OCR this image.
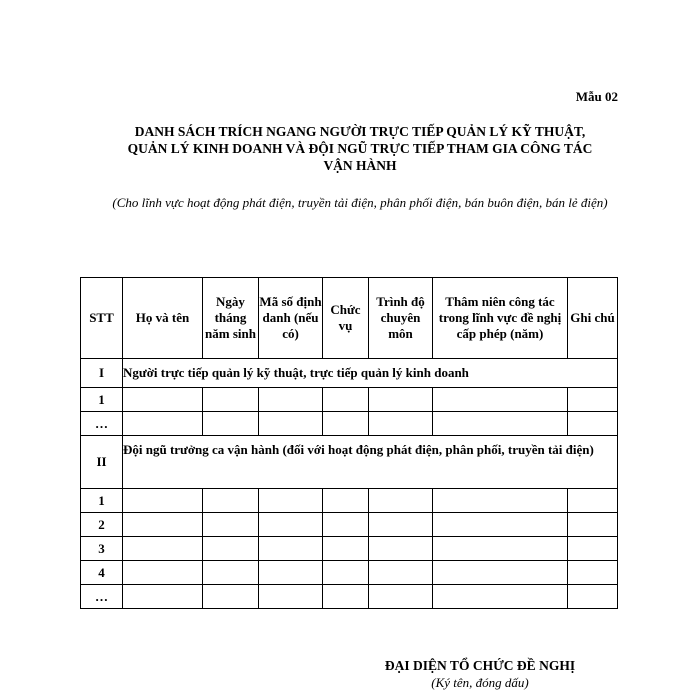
Mẫu 02
DANH SÁCH TRÍCH NGANG NGƯỜI TRỰC TIẾP QUẢN LÝ KỸ THUẬT,
QUẢN LÝ KINH DOANH VÀ ĐỘI NGŨ TRỰC TIẾP THAM GIA CÔNG TÁC
VẬN HÀNH
(Cho lĩnh vực hoạt động phát điện, truyền tải điện, phân phối điện, bán buôn điện, bán lẻ điện)
STT	Họ và tên	Ngày tháng năm sinh	Mã số định danh (nếu có)	Chức vụ	Trình độ chuyên môn	Thâm niên công tác trong lĩnh vực đề nghị cấp phép (năm)	Ghi chú
I	Người trực tiếp quản lý kỹ thuật, trực tiếp quản lý kinh doanh						
1							
…							
II	Đội ngũ trưởng ca vận hành (đối với hoạt động phát điện, phân phối, truyền tải điện)						
1							
2							
3							
4							
…							
ĐẠI DIỆN TỔ CHỨC ĐỀ NGHỊ
(Ký tên, đóng dấu)
